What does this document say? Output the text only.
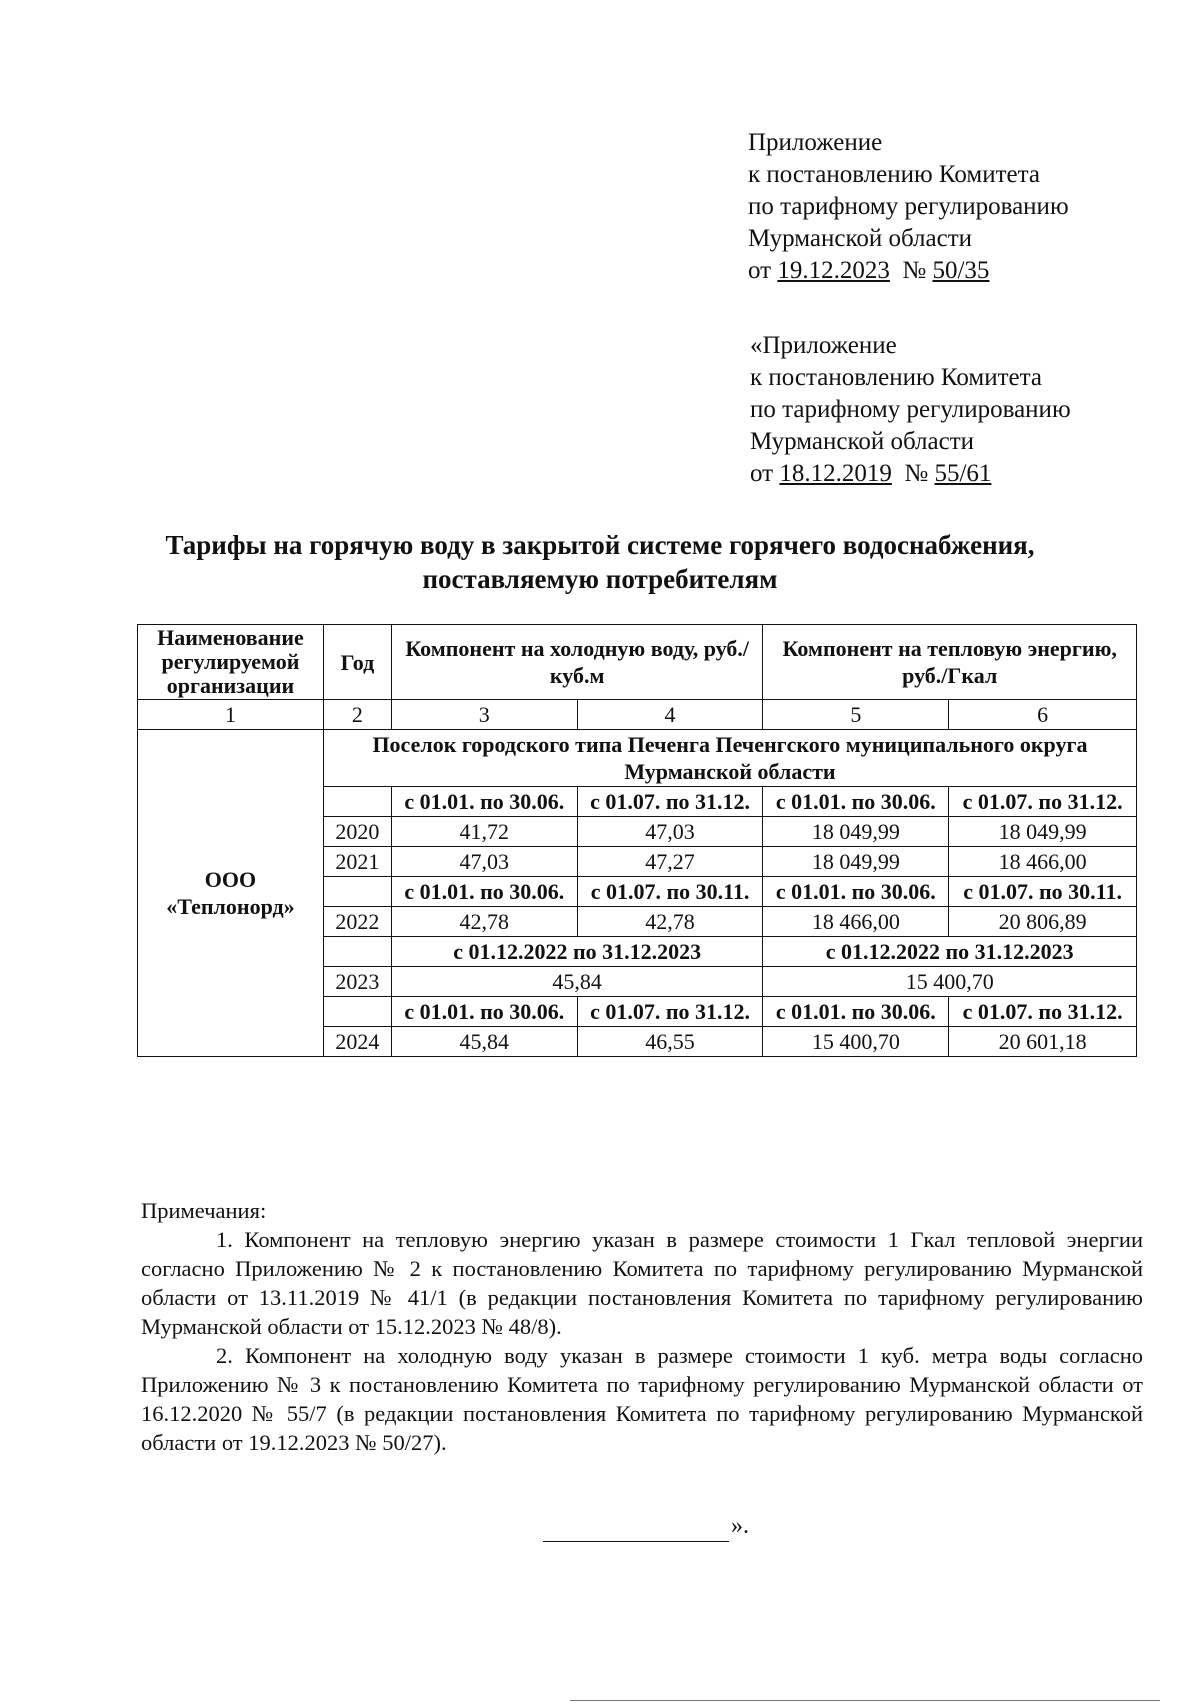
Приложение
к постановлению Комитета
по тарифному регулированию
Мурманской области
от 19.12.2023 № 50/35
«Приложение
к постановлению Комитета
по тарифному регулированию
Мурманской области
от 18.12.2019 № 55/61
Тарифы на горячую воду в закрытой системе горячего водоснабжения,
поставляемую потребителям
Наименование регулируемой организации	Год	Компонент на холодную воду, руб./куб.м		Компонент на тепловую энергию, руб./Гкал	
1	2	3	4	5	6
ООО «Теплонорд»	Поселок городского типа Печенга Печенгского муниципального округа Мурманской области				
		с 01.01. по 30.06.	с 01.07. по 31.12.	с 01.01. по 30.06.	с 01.07. по 31.12.
	2020	41,72	47,03	18 049,99	18 049,99
	2021	47,03	47,27	18 049,99	18 466,00
		с 01.01. по 30.06.	с 01.07. по 30.11.	с 01.01. по 30.06.	с 01.07. по 30.11.
	2022	42,78	42,78	18 466,00	20 806,89
		с 01.12.2022 по 31.12.2023		с 01.12.2022 по 31.12.2023	
	2023	45,84		15 400,70	
		с 01.01. по 30.06.	с 01.07. по 31.12.	с 01.01. по 30.06.	с 01.07. по 31.12.
	2024	45,84	46,55	15 400,70	20 601,18

Примечания:

1. Компонент на тепловую энергию указан в размере стоимости 1 Гкал тепловой энергии согласно Приложению № 2 к постановлению Комитета по тарифному регулированию Мурманской области от 13.11.2019 № 41/1 (в редакции постановления Комитета по тарифному регулированию Мурманской области от 15.12.2023 № 48/8).

2. Компонент на холодную воду указан в размере стоимости 1 куб. метра воды согласно Приложению № 3 к постановлению Комитета по тарифному регулированию Мурманской области от 16.12.2020 № 55/7 (в редакции постановления Комитета по тарифному регулированию Мурманской области от 19.12.2023 № 50/27).

».
